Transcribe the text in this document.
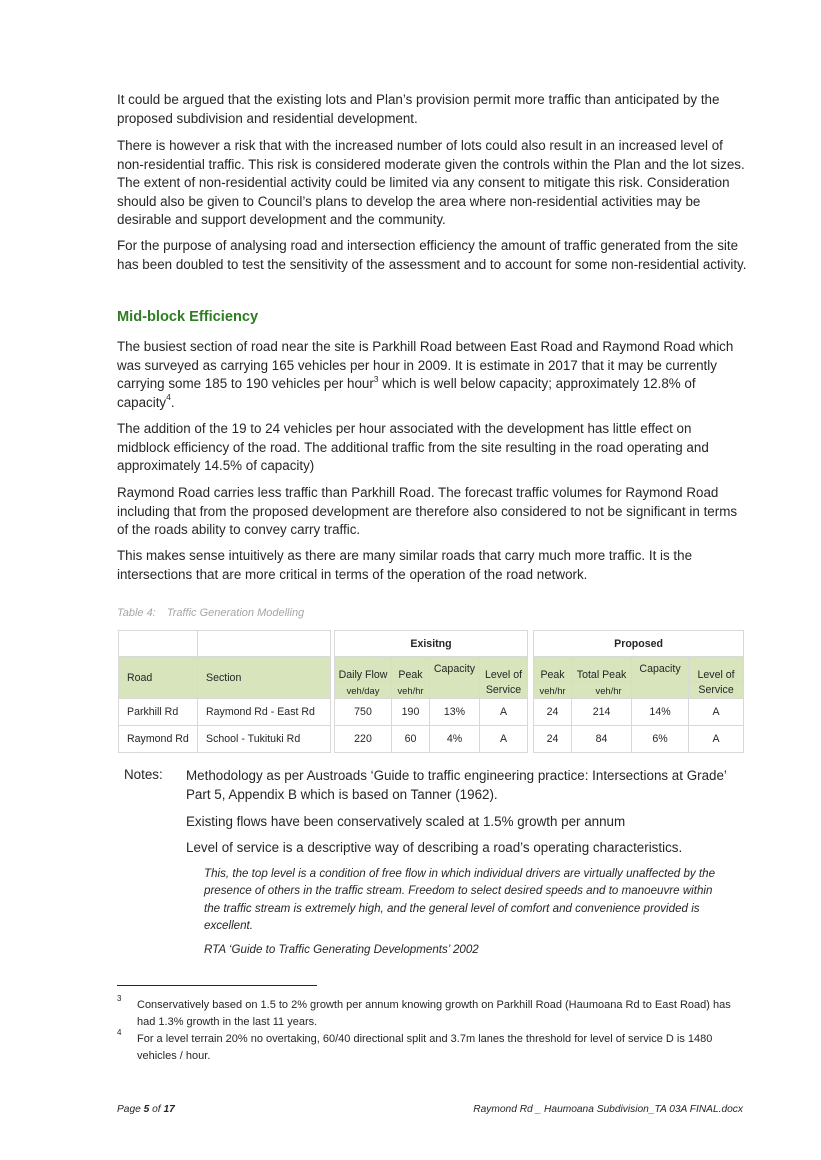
It could be argued that the existing lots and Plan’s provision permit more traffic than anticipated by the proposed subdivision and residential development.

There is however a risk that with the increased number of lots could also result in an increased level of non-residential traffic. This risk is considered moderate given the controls within the Plan and the lot sizes. The extent of non-residential activity could be limited via any consent to mitigate this risk. Consideration should also be given to Council’s plans to develop the area where non-residential activities may be desirable and support development and the community.

For the purpose of analysing road and intersection efficiency the amount of traffic generated from the site has been doubled to test the sensitivity of the assessment and to account for some non-residential activity.

Mid-block Efficiency

The busiest section of road near the site is Parkhill Road between East Road and Raymond Road which was surveyed as carrying 165 vehicles per hour in 2009. It is estimate in 2017 that it may be currently carrying some 185 to 190 vehicles per hour$^3$ which is well below capacity; approximately 12.8% of capacity$^4$.

The addition of the 19 to 24 vehicles per hour associated with the development has little effect on midblock efficiency of the road. The additional traffic from the site resulting in the road operating and approximately 14.5% of capacity)

Raymond Road carries less traffic than Parkhill Road. The forecast traffic volumes for Raymond Road including that from the proposed development are therefore also considered to not be significant in terms of the roads ability to convey carry traffic.

This makes sense intuitively as there are many similar roads that carry much more traffic. It is the intersections that are more critical in terms of the operation of the road network.

Table 4: Traffic Generation Modelling
			Exisitng					Proposed			
Road	Section		Daily Flow	Peak	Capacity	Level of		Peak	Total Peak	Capacity	Level of
			veh/day	veh/hr		Service		veh/hr	veh/hr		Service
Parkhill Rd	Raymond Rd - East Rd		750	190	13%	A		24	214	14%	A
Raymond Rd	School - Tukituki Rd		220	60	4%	A		24	84	6%	A
Notes: Methodology as per Austroads ‘Guide to traffic engineering practice: Intersections at Grade’ Part 5, Appendix B which is based on Tanner (1962).

Existing flows have been conservatively scaled at 1.5% growth per annum

Level of service is a descriptive way of describing a road’s operating characteristics.

This, the top level is a condition of free flow in which individual drivers are virtually unaffected by the presence of others in the traffic stream. Freedom to select desired speeds and to manoeuvre within the traffic stream is extremely high, and the general level of comfort and convenience provided is excellent.

RTA ‘Guide to Traffic Generating Developments’ 2002

3

Conservatively based on 1.5 to 2% growth per annum knowing growth on Parkhill Road (Haumoana Rd to East Road) has had 1.3% growth in the last 11 years.

4

For a level terrain 20% no overtaking, 60/40 directional split and 3.7m lanes the threshold for level of service D is 1480 vehicles / hour.

Page 5 of 17	Raymond Rd _ Haumoana Subdivision_TA 03A FINAL.docx
